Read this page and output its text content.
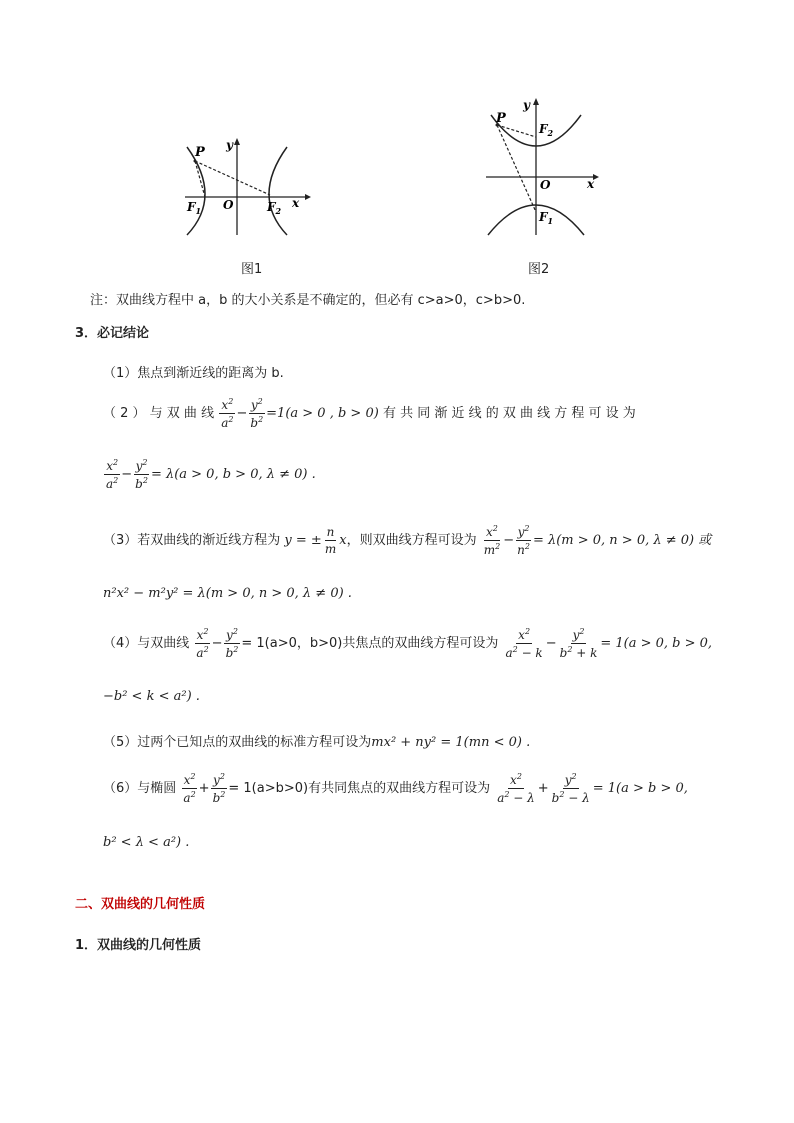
P
$F_1$ O	$F_2$
x
y
图1
P
$F_2$
O
$F_1$
x
y
图2
注：双曲线方程中 a，b 的大小关系是不确定的，但必有 c>a>0，c>b>0.
3．必记结论
（1）焦点到渐近线的距离为 b.
（ 2 ） 与 双 曲 线 $\frac{x^2}{a^2} - \frac{y^2}{b^2} =1(a > 0$ , b > 0) 有 共 同 渐 近 线 的 双 曲 线 方 程 可 设 为
$\frac{x^2}{a^2} - \frac{y^2}{b^2} = \lambda(a > 0$, b > 0, λ ≠ 0) .
（3）若双曲线的渐近线方程为 y = ± $\frac{n}{m}$ x，则双曲线方程可设为 $\frac{x^2}{m^2} - \frac{y^2}{n^2} = \lambda(m > 0$, n > 0, λ ≠ 0) 或
n²x² − m²y² = λ(m > 0, n > 0, λ ≠ 0) .
（4）与双曲线 $\frac{x^2}{a^2} - \frac{y^2}{b^2} = 1(a>0$，b>0)共焦点的双曲线方程可设为 $\frac{x^2}{a^2 - k} - \frac{y^2}{b^2 + k} = 1(a > 0$, b > 0,
−b² < k < a²) .
（5）过两个已知点的双曲线的标准方程可设为mx² + ny² = 1(mn < 0) .
（6）与椭圆 $\frac{x^2}{a^2} + \frac{y^2}{b^2} = 1(a>b>0)$有共同焦点的双曲线方程可设为 $\frac{x^2}{a^2 - \lambda} + \frac{y^2}{b^2 - \lambda} = 1(a > b > 0$,
b² < λ < a²) .
二、双曲线的几何性质
1．双曲线的几何性质
